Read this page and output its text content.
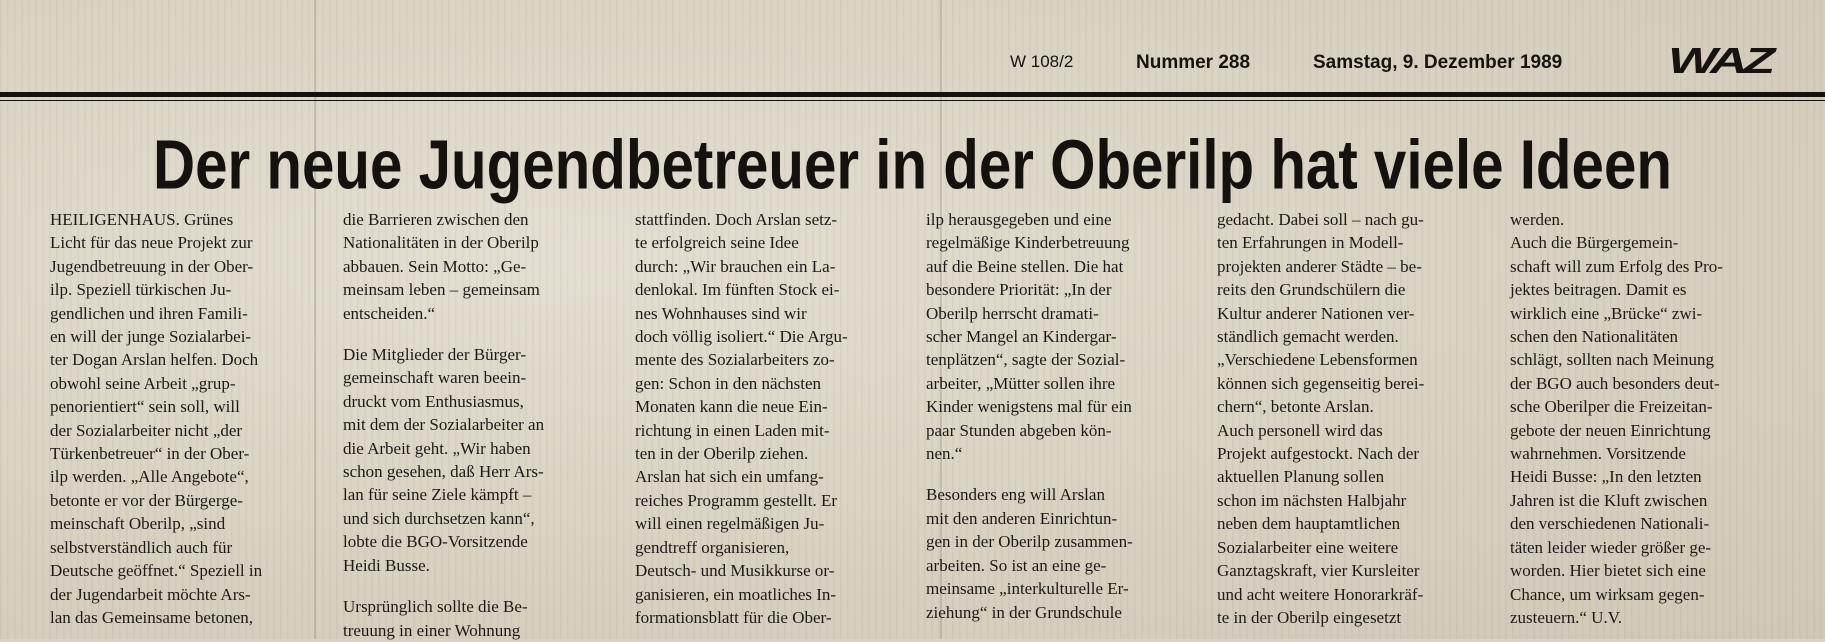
W 108/2	Nummer 288	Samstag, 9. Dezember 1989	WAZ
Der neue Jugendbetreuer in der Oberilp hat viele Ideen
HEILIGENHAUS. Grünes
Licht für das neue Projekt zur
Jugendbetreuung in der Ober-
ilp. Speziell türkischen Ju-
gendlichen und ihren Famili-
en will der junge Sozialarbei-
ter Dogan Arslan helfen. Doch
obwohl seine Arbeit „grup-
penorientiert“ sein soll, will
der Sozialarbeiter nicht „der
Türkenbetreuer“ in der Ober-
ilp werden. „Alle Angebote“,
betonte er vor der Bürgerge-
meinschaft Oberilp, „sind
selbstverständlich auch für
Deutsche geöffnet.“ Speziell in
der Jugendarbeit möchte Ars-
lan das Gemeinsame betonen,
die Barrieren zwischen den
Nationalitäten in der Oberilp
abbauen. Sein Motto: „Ge-
meinsam leben – gemeinsam
entscheiden.“
Die Mitglieder der Bürger-
gemeinschaft waren beein-
druckt vom Enthusiasmus,
mit dem der Sozialarbeiter an
die Arbeit geht. „Wir haben
schon gesehen, daß Herr Ars-
lan für seine Ziele kämpft –
und sich durchsetzen kann“,
lobte die BGO-Vorsitzende
Heidi Busse.
Ursprünglich sollte die Be-
treuung in einer Wohnung
stattfinden. Doch Arslan setz-
te erfolgreich seine Idee
durch: „Wir brauchen ein La-
denlokal. Im fünften Stock ei-
nes Wohnhauses sind wir
doch völlig isoliert.“ Die Argu-
mente des Sozialarbeiters zo-
gen: Schon in den nächsten
Monaten kann die neue Ein-
richtung in einen Laden mit-
ten in der Oberilp ziehen.
Arslan hat sich ein umfang-
reiches Programm gestellt. Er
will einen regelmäßigen Ju-
gendtreff organisieren,
Deutsch- und Musikkurse or-
ganisieren, ein moatliches In-
formationsblatt für die Ober-
ilp herausgegeben und eine
regelmäßige Kinderbetreuung
auf die Beine stellen. Die hat
besondere Priorität: „In der
Oberilp herrscht dramati-
scher Mangel an Kindergar-
tenplätzen“, sagte der Sozial-
arbeiter, „Mütter sollen ihre
Kinder wenigstens mal für ein
paar Stunden abgeben kön-
nen.“
Besonders eng will Arslan
mit den anderen Einrichtun-
gen in der Oberilp zusammen-
arbeiten. So ist an eine ge-
meinsame „interkulturelle Er-
ziehung“ in der Grundschule
gedacht. Dabei soll – nach gu-
ten Erfahrungen in Modell-
projekten anderer Städte – be-
reits den Grundschülern die
Kultur anderer Nationen ver-
ständlich gemacht werden.
„Verschiedene Lebensformen
können sich gegenseitig berei-
chern“, betonte Arslan.
Auch personell wird das
Projekt aufgestockt. Nach der
aktuellen Planung sollen
schon im nächsten Halbjahr
neben dem hauptamtlichen
Sozialarbeiter eine weitere
Ganztagskraft, vier Kursleiter
und acht weitere Honorarkräf-
te in der Oberilp eingesetzt
werden.
Auch die Bürgergemein-
schaft will zum Erfolg des Pro-
jektes beitragen. Damit es
wirklich eine „Brücke“ zwi-
schen den Nationalitäten
schlägt, sollten nach Meinung
der BGO auch besonders deut-
sche Oberilper die Freizeitan-
gebote der neuen Einrichtung
wahrnehmen. Vorsitzende
Heidi Busse: „In den letzten
Jahren ist die Kluft zwischen
den verschiedenen Nationali-
täten leider wieder größer ge-
worden. Hier bietet sich eine
Chance, um wirksam gegen-
zusteuern.“ U.V.
